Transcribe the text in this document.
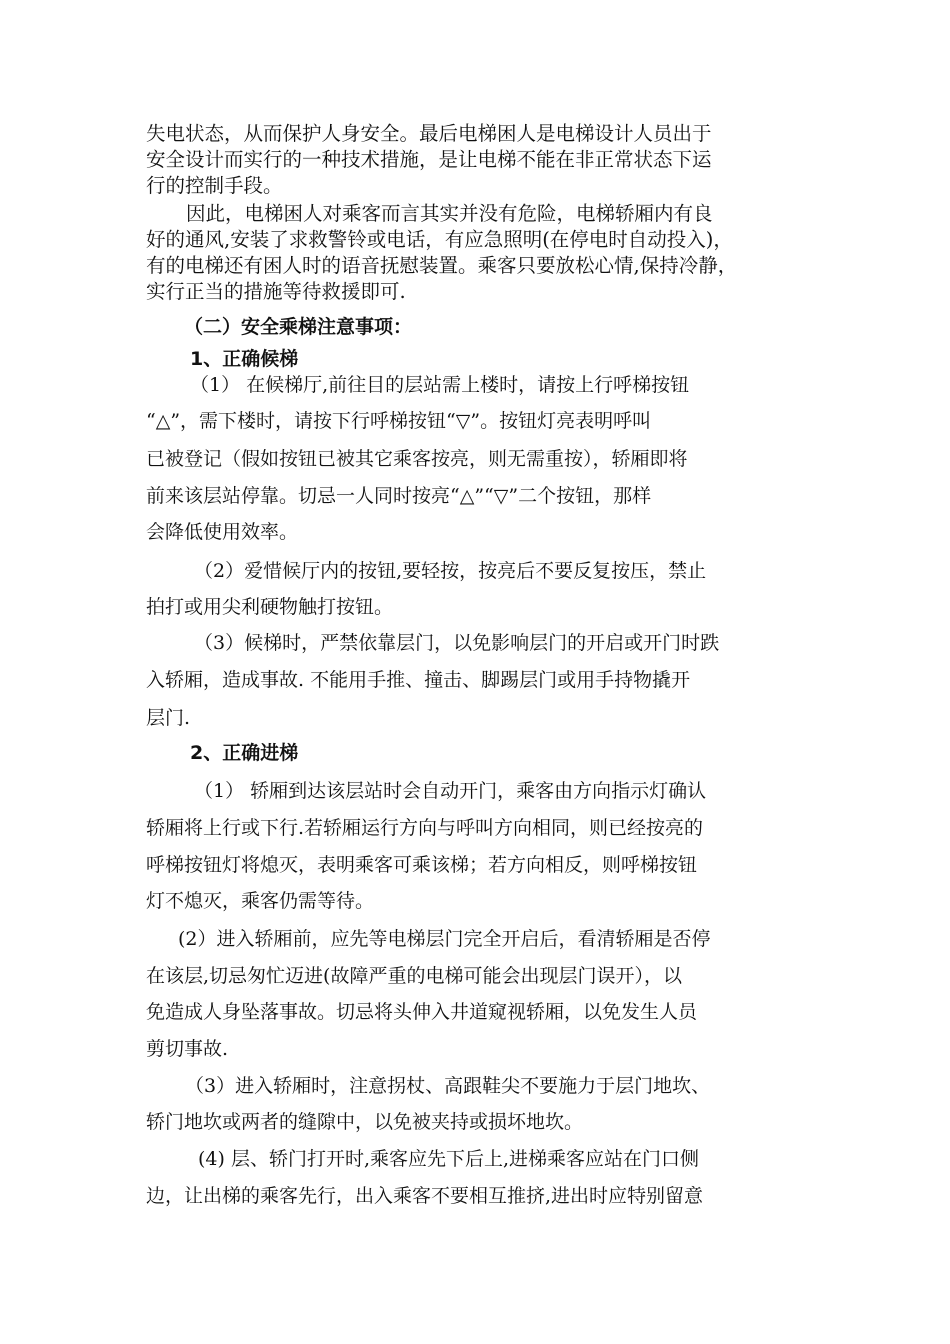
失电状态，从而保护人身安全。最后电梯困人是电梯设计人员出于
安全设计而实行的一种技术措施，是让电梯不能在非正常状态下运
行的控制手段。
因此，电梯困人对乘客而言其实并没有危险，电梯轿厢内有良
好的通风,安装了求救警铃或电话，有应急照明(在停电时自动投入)，
有的电梯还有困人时的语音抚慰装置。乘客只要放松心情,保持冷静，
实行正当的措施等待救援即可.
（二）安全乘梯注意事项：
1、正确候梯
（1） 在候梯厅,前往目的层站需上楼时，请按上行呼梯按钮
“△”，需下楼时，请按下行呼梯按钮“▽”。按钮灯亮表明呼叫
已被登记（假如按钮已被其它乘客按亮，则无需重按），轿厢即将
前来该层站停靠。切忌一人同时按亮“△”“▽”二个按钮，那样
会降低使用效率。
（2）爱惜候厅内的按钮,要轻按，按亮后不要反复按压，禁止
拍打或用尖利硬物触打按钮。
（3）候梯时，严禁依靠层门，以免影响层门的开启或开门时跌
入轿厢，造成事故. 不能用手推、撞击、脚踢层门或用手持物撬开
层门.
2、正确进梯
（1） 轿厢到达该层站时会自动开门，乘客由方向指示灯确认
轿厢将上行或下行.若轿厢运行方向与呼叫方向相同，则已经按亮的
呼梯按钮灯将熄灭，表明乘客可乘该梯；若方向相反，则呼梯按钮
灯不熄灭，乘客仍需等待。
(2）进入轿厢前，应先等电梯层门完全开启后，看清轿厢是否停
在该层,切忌匆忙迈进(故障严重的电梯可能会出现层门误开），以
免造成人身坠落事故。切忌将头伸入井道窥视轿厢，以免发生人员
剪切事故.
（3）进入轿厢时，注意拐杖、高跟鞋尖不要施力于层门地坎、
轿门地坎或两者的缝隙中，以免被夹持或损坏地坎。
(4) 层、轿门打开时,乘客应先下后上,进梯乘客应站在门口侧
边，让出梯的乘客先行，出入乘客不要相互推挤,进出时应特别留意
